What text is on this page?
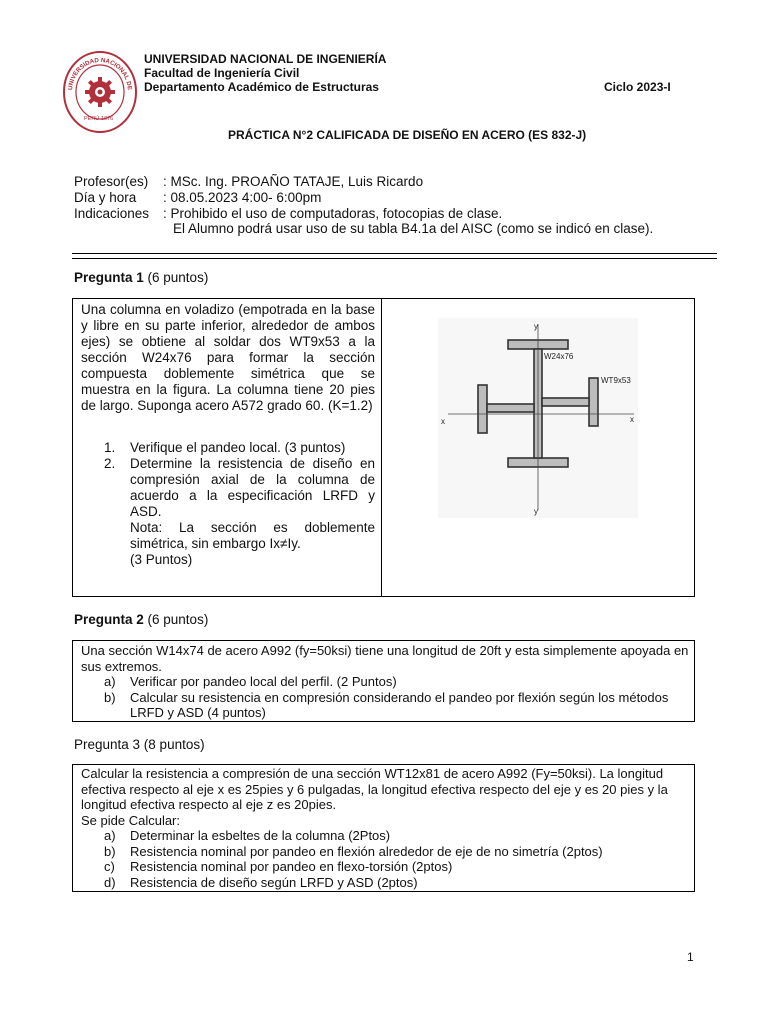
UNIVERSIDAD NACIONAL DE
PERÚ 1876
UNIVERSIDAD NACIONAL DE INGENIERÍA
Facultad de Ingeniería Civil
Departamento Académico de Estructuras	Ciclo 2023-I
PRÁCTICA N°2 CALIFICADA DE DISEÑO EN ACERO (ES 832-J)
Profesor(es) : MSc. Ing. PROAÑO TATAJE, Luis Ricardo
Día y hora : 08.05.2023 4:00- 6:00pm
Indicaciones : Prohibido el uso de computadoras, fotocopias de clase.
El Alumno podrá usar uso de su tabla B4.1a del AISC (como se indicó en clase).
Pregunta 1 (6 puntos)
Una columna en voladizo (empotrada en la base y libre en su parte inferior, alrededor de ambos ejes) se obtiene al soldar dos WT9x53 a la sección W24x76 para formar la sección compuesta doblemente simétrica que se muestra en la figura. La columna tiene 20 pies de largo. Suponga acero A572 grado 60. (K=1.2)
1.	Verifique el pandeo local. (3 puntos)
2.	Determine la resistencia de diseño en compresión axial de la columna de acuerdo a la especificación LRFD y ASD.
Nota: La sección es doblemente simétrica, sin embargo Ix≠Iy.
(3 Puntos)
y
y
x	x
W24x76
WT9x53
Pregunta 2 (6 puntos)
Una sección W14x74 de acero A992 (fy=50ksi) tiene una longitud de 20ft y esta simplemente apoyada en sus extremos.
a)	Verificar por pandeo local del perfil. (2 Puntos)
b)	Calcular su resistencia en compresión considerando el pandeo por flexión según los métodos LRFD y ASD (4 puntos)
Pregunta 3 (8 puntos)
Calcular la resistencia a compresión de una sección WT12x81 de acero A992 (Fy=50ksi). La longitud efectiva respecto al eje x es 25pies y 6 pulgadas, la longitud efectiva respecto del eje y es 20 pies y la longitud efectiva respecto al eje z es 20pies.
Se pide Calcular:
a)	Determinar la esbeltes de la columna (2Ptos)
b)	Resistencia nominal por pandeo en flexión alrededor de eje de no simetría (2ptos)
c)	Resistencia nominal por pandeo en flexo-torsión (2ptos)
d)	Resistencia de diseño según LRFD y ASD (2ptos)
1
